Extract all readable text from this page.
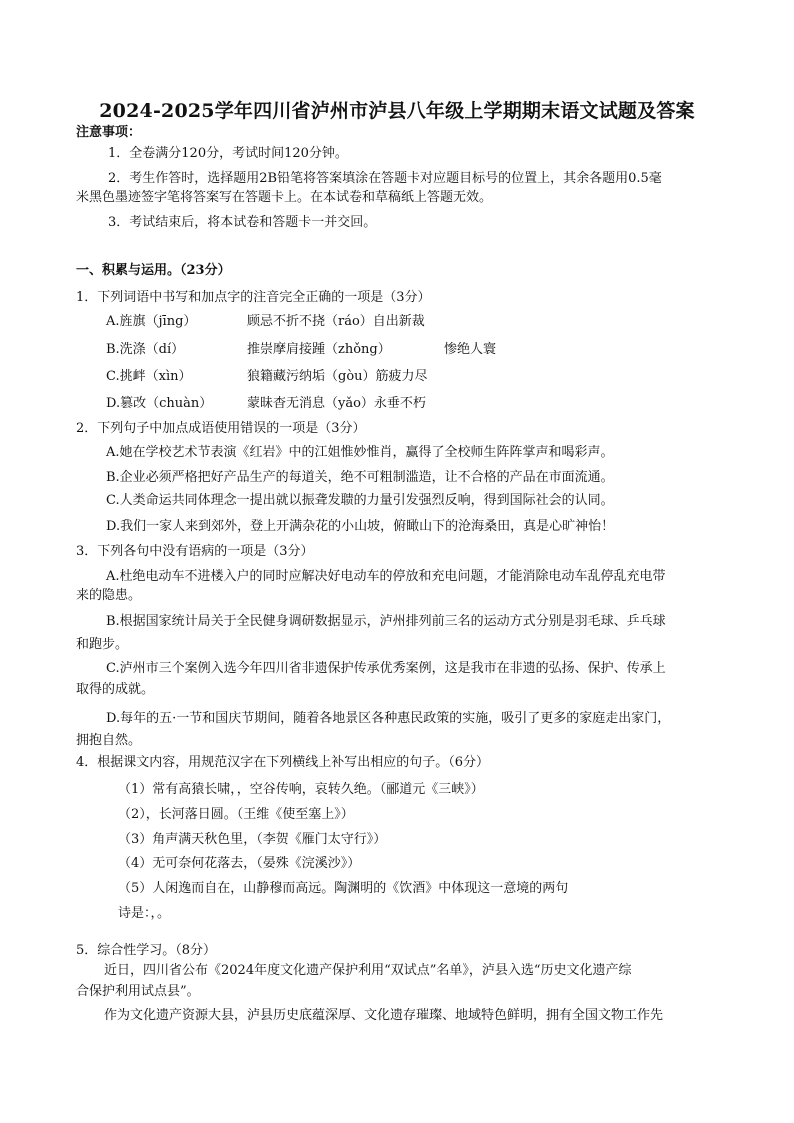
2024-2025学年四川省泸州市泸县八年级上学期期末语文试题及答案
注意事项：
1．全卷满分120分，考试时间120分钟。
2．考生作答时，选择题用2B铅笔将答案填涂在答题卡对应题目标号的位置上，其余各题用0.5毫
米黑色墨迹签字笔将答案写在答题卡上。在本试卷和草稿纸上答题无效。
3．考试结束后，将本试卷和答题卡一并交回。
一、积累与运用。（23分）
1．下列词语中书写和加点字的注音完全正确的一项是（3分）
A.旌旗（jīng）	顾忌不折不挠（ráo）自出新裁
B.洗涤（dí）	推崇摩肩接踵（zhǒng）	惨绝人寰
C.挑衅（xìn）	狼籍藏污纳垢（gòu）筋疲力尽
D.篡改（chuàn）	蒙昧杳无消息（yǎo）永垂不朽
2．下列句子中加点成语使用错误的一项是（3分）
A.她在学校艺术节表演《红岩》中的江姐惟妙惟肖，赢得了全校师生阵阵掌声和喝彩声。
B.企业必须严格把好产品生产的每道关，绝不可粗制滥造，让不合格的产品在市面流通。
C.人类命运共同体理念一提出就以振聋发聩的力量引发强烈反响，得到国际社会的认同。
D.我们一家人来到郊外，登上开满杂花的小山坡，俯瞰山下的沧海桑田，真是心旷神怡！
3．下列各句中没有语病的一项是（3分）
A.杜绝电动车不进楼入户的同时应解决好电动车的停放和充电问题，才能消除电动车乱停乱充电带
来的隐患。
B.根据国家统计局关于全民健身调研数据显示，泸州排列前三名的运动方式分别是羽毛球、乒乓球
和跑步。
C.泸州市三个案例入选今年四川省非遗保护传承优秀案例，这是我市在非遗的弘扬、保护、传承上
取得的成就。
D.每年的五·一节和国庆节期间，随着各地景区各种惠民政策的实施，吸引了更多的家庭走出家门，
拥抱自然。
4．根据课文内容，用规范汉字在下列横线上补写出相应的句子。（6分）
（1）常有高猿长啸，，空谷传响，哀转久绝。（郦道元《三峡》）
（2），长河落日圆。（王维《使至塞上》）
（3）角声满天秋色里，（李贺《雁门太守行》）
（4）无可奈何花落去，（晏殊《浣溪沙》）
（5）人闲逸而自在，山静穆而高远。陶渊明的《饮酒》中体现这一意境的两句
诗是：，。
5．综合性学习。（8分）
近日，四川省公布《2024年度文化遗产保护利用“双试点”名单》，泸县入选“历史文化遗产综
合保护利用试点县”。
作为文化遗产资源大县，泸县历史底蕴深厚、文化遗存璀璨、地域特色鲜明，拥有全国文物工作先
